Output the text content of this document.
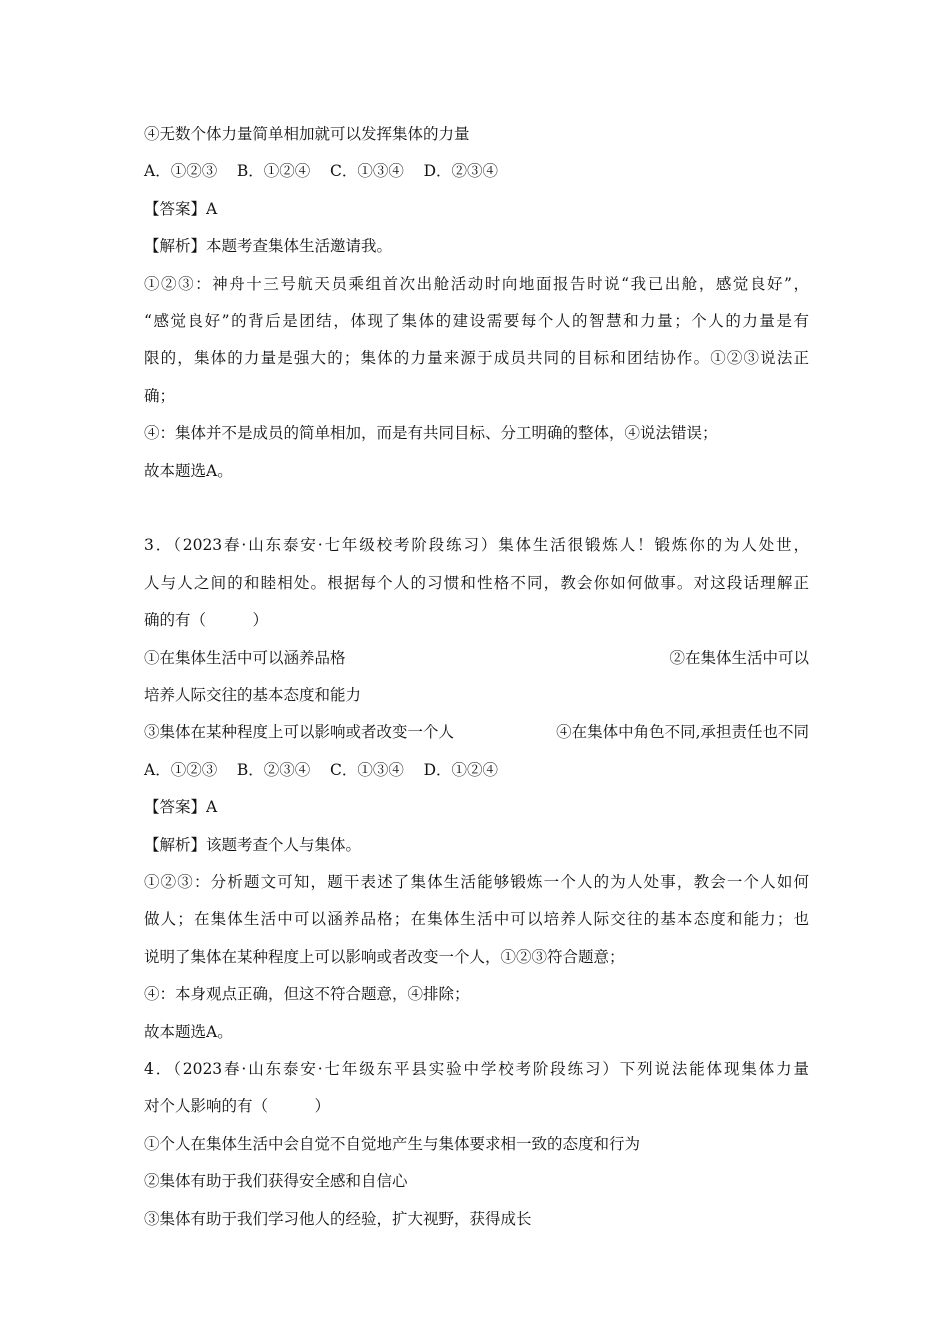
④无数个体力量简单相加就可以发挥集体的力量

A．①②③    B．①②④    C．①③④    D．②③④

【答案】A

【解析】本题考查集体生活邀请我。

①②③：神舟十三号航天员乘组首次出舱活动时向地面报告时说“我已出舱，感觉良好”，

“感觉良好”的背后是团结，体现了集体的建设需要每个人的智慧和力量；个人的力量是有

限的，集体的力量是强大的；集体的力量来源于成员共同的目标和团结协作。①②③说法正

确；

④：集体并不是成员的简单相加，而是有共同目标、分工明确的整体，④说法错误；

故本题选A。

3．（2023春·山东泰安·七年级校考阶段练习）集体生活很锻炼人！锻炼你的为人处世，

人与人之间的和睦相处。根据每个人的习惯和性格不同，教会你如何做事。对这段话理解正

确的有（　　　）

①在集体生活中可以涵养品格	②在集体生活中可以

培养人际交往的基本态度和能力

③集体在某种程度上可以影响或者改变一个人	④在集体中角色不同,承担责任也不同

A．①②③    B．②③④    C．①③④    D．①②④

【答案】A

【解析】该题考查个人与集体。

①②③：分析题文可知，题干表述了集体生活能够锻炼一个人的为人处事，教会一个人如何

做人；在集体生活中可以涵养品格；在集体生活中可以培养人际交往的基本态度和能力；也

说明了集体在某种程度上可以影响或者改变一个人，①②③符合题意；

④：本身观点正确，但这不符合题意，④排除；

故本题选A。

4．（2023春·山东泰安·七年级东平县实验中学校考阶段练习）下列说法能体现集体力量

对个人影响的有（　　　）

①个人在集体生活中会自觉不自觉地产生与集体要求相一致的态度和行为

②集体有助于我们获得安全感和自信心

③集体有助于我们学习他人的经验，扩大视野，获得成长
